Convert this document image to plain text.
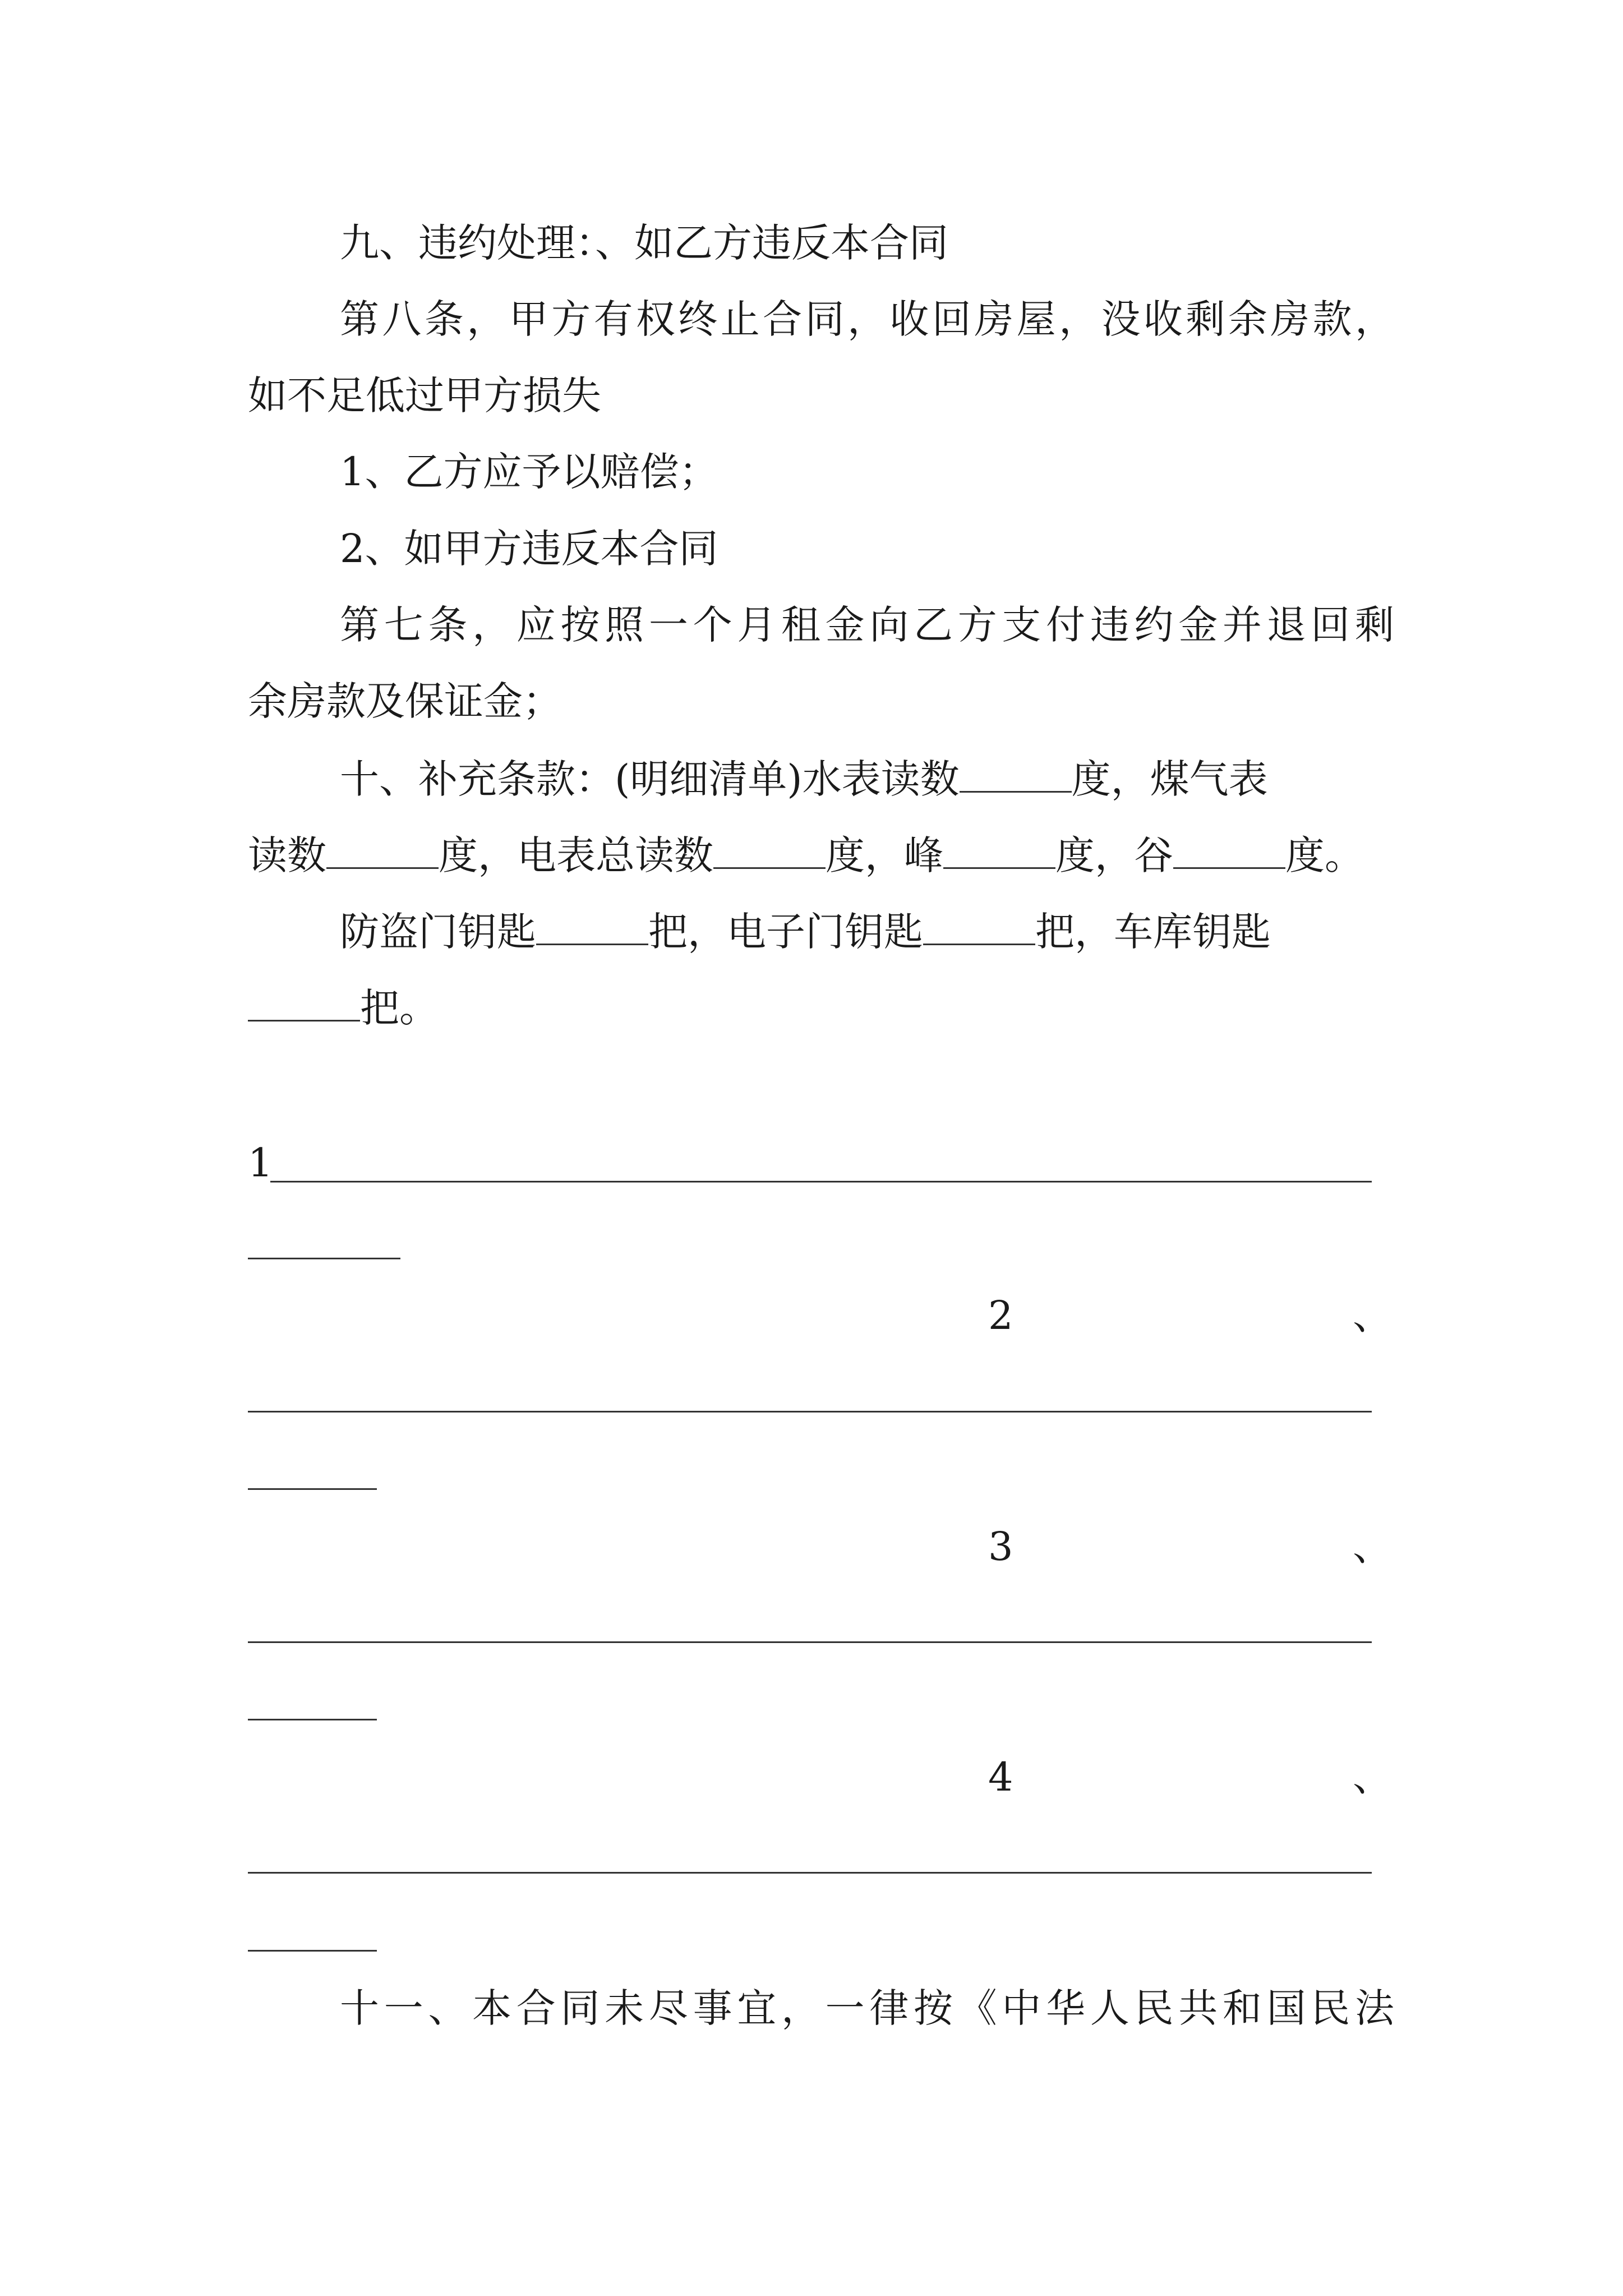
九、违约处理：、如乙方违反本合同
第八条，甲方有权终止合同，收回房屋，没收剩余房款，
如不足低过甲方损失
1、乙方应予以赔偿；
2、如甲方违反本合同
第七条，应按照一个月租金向乙方支付违约金并退回剩
余房款及保证金；
十、补充条款：(明细清单)水表读数	度，煤气表
读数	度，电表总读数	度，峰	度，谷	度。
防盗门钥匙	把，电子门钥匙	把，车库钥匙
把。
1
2	、
3	、
4	、
十一、本合同未尽事宜，一律按《中华人民共和国民法
